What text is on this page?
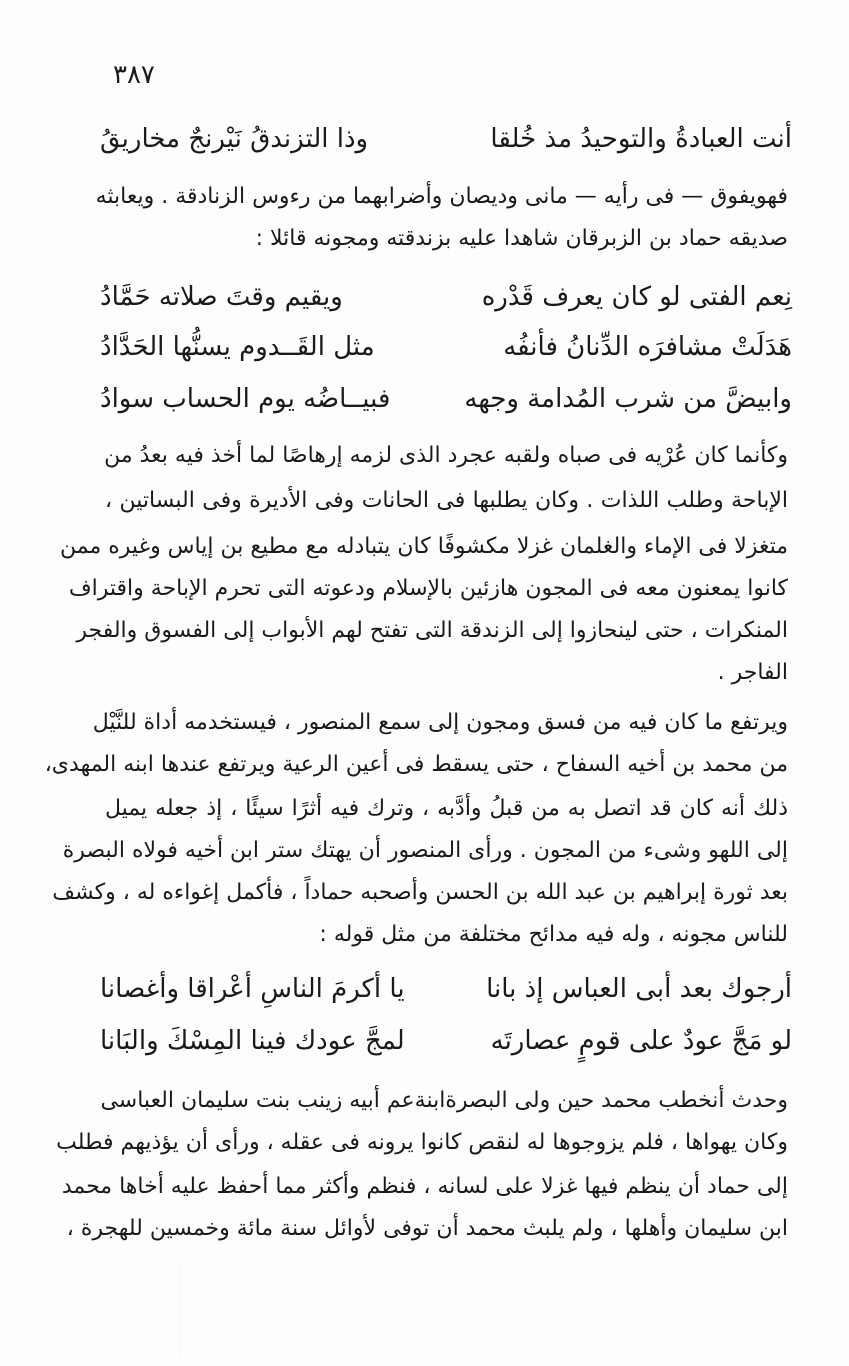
٣٨٧
أنت العبادةُ والتوحيدُ مذ خُلقا
وذا التزندقُ نَيْرنجٌ مخاريقُ
فهويفوق — فى رأيه — مانى وديصان وأضرابهما من رءوس الزنادقة . ويعابثه
صديقه حماد بن الزبرقان شاهدا عليه بزندقته ومجونه قائلا :
نِعم الفتى لو كان يعرف قَدْره
ويقيم وقتَ صلاته حَمَّادُ
هَدَلَتْ مشافرَه الدِّنانُ فأنفُه
مثل القَــدوم يسنُّها الحَدَّادُ
وابيضَّ من شرب المُدامة وجهه
فبيــاضُه يوم الحساب سوادُ
وكأنما كان عُرْيه فى صباه ولقبه عجرد الذى لزمه إرهاصًا لما أخذ فيه بعدُ من
الإباحة وطلب اللذات . وكان يطلبها فى الحانات وفى الأديرة وفى البساتين ،
متغزلا فى الإماء والغلمان غزلا مكشوفًا كان يتبادله مع مطيع بن إياس وغيره ممن
كانوا يمعنون معه فى المجون هازئين بالإسلام ودعوته التى تحرم الإباحة واقتراف
المنكرات ، حتى لينحازوا إلى الزندقة التى تفتح لهم الأبواب إلى الفسوق والفجر
الفاجر .
ويرتفع ما كان فيه من فسق ومجون إلى سمع المنصور ، فيستخدمه أداة للنَّيْل
من محمد بن أخيه السفاح ، حتى يسقط فى أعين الرعية ويرتفع عندها ابنه المهدى،
ذلك أنه كان قد اتصل به من قبلُ وأدَّبه ، وترك فيه أثرًا سيئًا ، إذ جعله يميل
إلى اللهو وشىء من المجون . ورأى المنصور أن يهتك ستر ابن أخيه فولاه البصرة
بعد ثورة إبراهيم بن عبد الله بن الحسن وأصحبه حماداً ، فأكمل إغواءه له ، وكشف
للناس مجونه ، وله فيه مدائح مختلفة من مثل قوله :
أرجوك بعد أبى العباس إذ بانا
يا أكرمَ الناسِ أعْراقا وأغصانا
لو مَجَّ عودٌ على قومٍ عصارتَه
لمجَّ عودك فينا المِسْكَ والبَانا
وحدث أنخطب محمد حين ولى البصرةابنةعم أبيه زينب بنت سليمان العباسى
وكان يهواها ، فلم يزوجوها له لنقص كانوا يرونه فى عقله ، ورأى أن يؤذيهم فطلب
إلى حماد أن ينظم فيها غزلا على لسانه ، فنظم وأكثر مما أحفظ عليه أخاها محمد
ابن سليمان وأهلها ، ولم يلبث محمد أن توفى لأوائل سنة مائة وخمسين للهجرة ،
